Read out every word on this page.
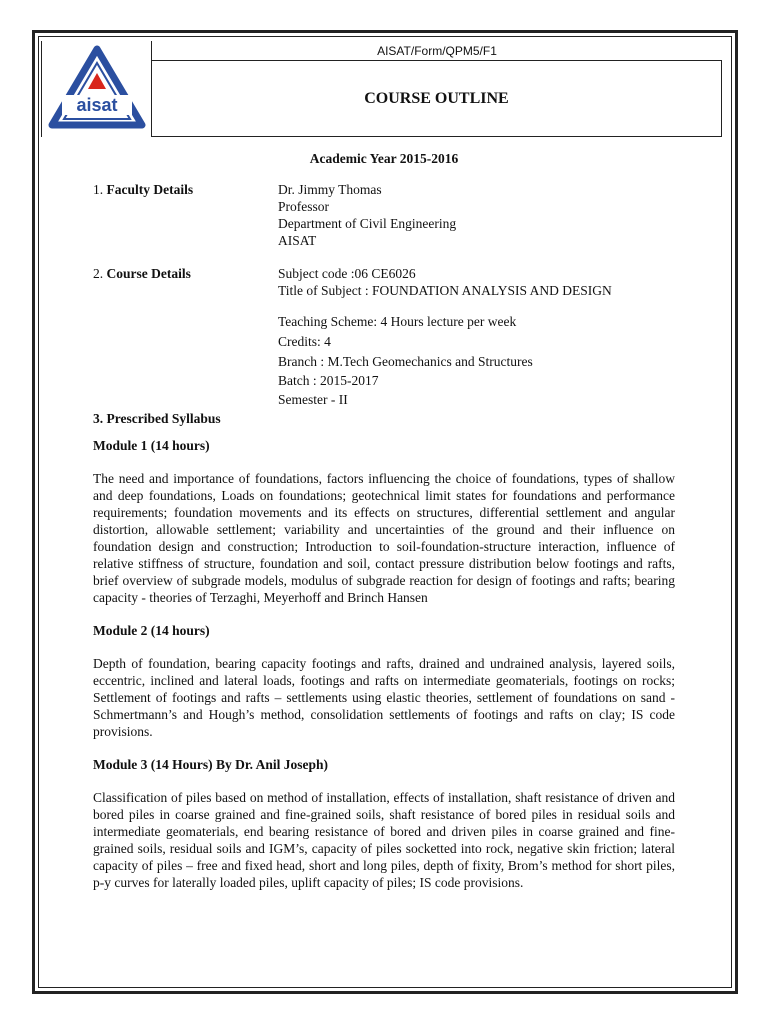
aisat
AISAT/Form/QPM5/F1
COURSE OUTLINE
Academic Year 2015-2016
1. Faculty Details	Dr. Jimmy Thomas
Professor
Department of Civil Engineering
AISAT
2. Course Details	Subject code :06 CE6026
Title of Subject : FOUNDATION ANALYSIS AND DESIGN
Teaching Scheme: 4 Hours lecture per week
Credits: 4
Branch : M.Tech Geomechanics and Structures
Batch : 2015-2017
Semester - II
3. Prescribed Syllabus
Module 1 (14 hours)
The need and importance of foundations, factors influencing the choice of foundations, types of shallow and deep foundations, Loads on foundations; geotechnical limit states for foundations and performance requirements; foundation movements and its effects on structures, differential settlement and angular distortion, allowable settlement; variability and uncertainties of the ground and their influence on foundation design and construction; Introduction to soil-foundation-structure interaction, influence of relative stiffness of structure, foundation and soil, contact pressure distribution below footings and rafts, brief overview of subgrade models, modulus of subgrade reaction for design of footings and rafts; bearing capacity - theories of Terzaghi, Meyerhoff and Brinch Hansen
Module 2 (14 hours)
Depth of foundation, bearing capacity footings and rafts, drained and undrained analysis, layered soils, eccentric, inclined and lateral loads, footings and rafts on intermediate geomaterials, footings on rocks; Settlement of footings and rafts – settlements using elastic theories, settlement of foundations on sand - Schmertmann’s and Hough’s method, consolidation settlements of footings and rafts on clay; IS code provisions.
Module 3 (14 Hours) By Dr. Anil Joseph)
Classification of piles based on method of installation, effects of installation, shaft resistance of driven and bored piles in coarse grained and fine-grained soils, shaft resistance of bored piles in residual soils and intermediate geomaterials, end bearing resistance of bored and driven piles in coarse grained and fine-grained soils, residual soils and IGM’s, capacity of piles socketted into rock, negative skin friction; lateral capacity of piles – free and fixed head, short and long piles, depth of fixity, Brom’s method for short piles, p-y curves for laterally loaded piles, uplift capacity of piles; IS code provisions.
